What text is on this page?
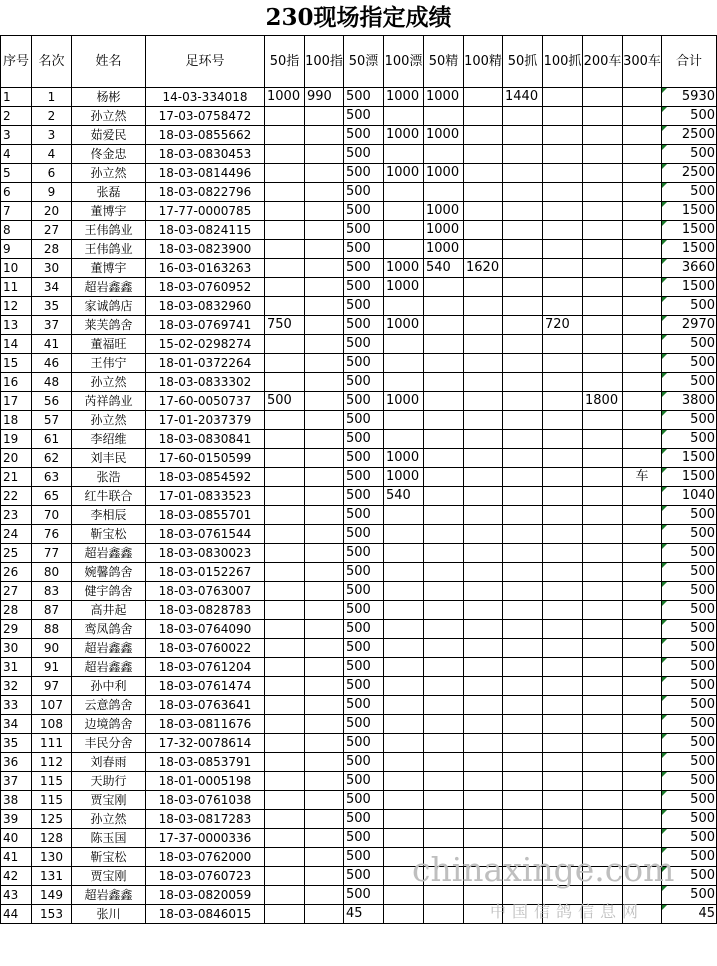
230现场指定成绩
序号	名次	姓名	足环号	50指	100指	50漂	100漂	50精	100精	50抓	100抓	200车	300车	合计
1	1	杨彬	14-03-334018	1000	990	500	1000	1000		1440				5930
2	2	孙立然	17-03-0758472			500								500
3	3	茹爱民	18-03-0855662			500	1000	1000						2500
4	4	佟金忠	18-03-0830453			500								500
5	6	孙立然	18-03-0814496			500	1000	1000						2500
6	9	张磊	18-03-0822796			500								500
7	20	董博宇	17-77-0000785			500		1000						1500
8	27	王伟鸽业	18-03-0824115			500		1000						1500
9	28	王伟鸽业	18-03-0823900			500		1000						1500
10	30	董博宇	16-03-0163263			500	1000	540	1620					3660
11	34	超岩鑫鑫	18-03-0760952			500	1000							1500
12	35	家诚鸽店	18-03-0832960			500								500
13	37	莱芙鸽舍	18-03-0769741	750		500	1000				720			2970
14	41	董福旺	15-02-0298274			500								500
15	46	王伟宁	18-01-0372264			500								500
16	48	孙立然	18-03-0833302			500								500
17	56	芮祥鸽业	17-60-0050737	500		500	1000					1800		3800
18	57	孙立然	17-01-2037379			500								500
19	61	李绍维	18-03-0830841			500								500
20	62	刘丰民	17-60-0150599			500	1000							1500
21	63	张浩	18-03-0854592			500	1000						车	1500
22	65	红牛联合	17-01-0833523			500	540							1040
23	70	李相辰	18-03-0855701			500								500
24	76	靳宝松	18-03-0761544			500								500
25	77	超岩鑫鑫	18-03-0830023			500								500
26	80	婉馨鸽舍	18-03-0152267			500								500
27	83	健宇鸽舍	18-03-0763007			500								500
28	87	高井起	18-03-0828783			500								500
29	88	鸾凤鸽舍	18-03-0764090			500								500
30	90	超岩鑫鑫	18-03-0760022			500								500
31	91	超岩鑫鑫	18-03-0761204			500								500
32	97	孙中利	18-03-0761474			500								500
33	107	云意鸽舍	18-03-0763641			500								500
34	108	边境鸽舍	18-03-0811676			500								500
35	111	丰民分舍	17-32-0078614			500								500
36	112	刘春雨	18-03-0853791			500								500
37	115	天助行	18-01-0005198			500								500
38	115	贾宝刚	18-03-0761038			500								500
39	125	孙立然	18-03-0817283			500								500
40	128	陈玉国	17-37-0000336			500								500
41	130	靳宝松	18-03-0762000			500								500
42	131	贾宝刚	18-03-0760723			500								500
43	149	超岩鑫鑫	18-03-0820059			500								500
44	153	张川	18-03-0846015			45								45
chinaxinge.com
中国信鸽信息网
